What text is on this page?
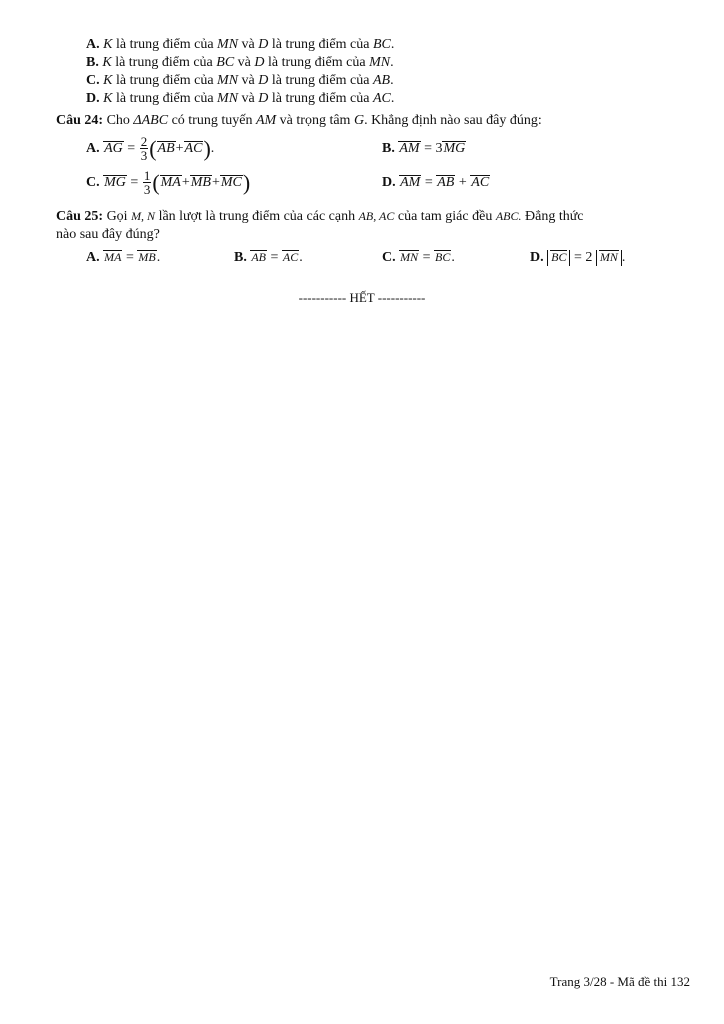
A. K là trung điểm của MN và D là trung điểm của BC.
B. K là trung điểm của BC và D là trung điểm của MN.
C. K là trung điểm của MN và D là trung điểm của AB.
D. K là trung điểm của MN và D là trung điểm của AC.
Câu 24: Cho ΔABC có trung tuyến AM và trọng tâm G. Khẳng định nào sau đây đúng:
A. AG = $\frac{2}{3} (AB+AC)$.	B. AM = 3MG
C. MG = $\frac{1}{3} (MA+MB+MC)$	D. AM = AB + AC
Câu 25: Gọi M, N lần lượt là trung điểm của các cạnh AB, AC của tam giác đều ABC. Đẳng thức
nào sau đây đúng?
A. MA = MB.	B. AB = AC.	C. MN = BC.	D. BC = 2 MN .
----------- HẾT -----------
Trang 3/28 - Mã đề thi 132
